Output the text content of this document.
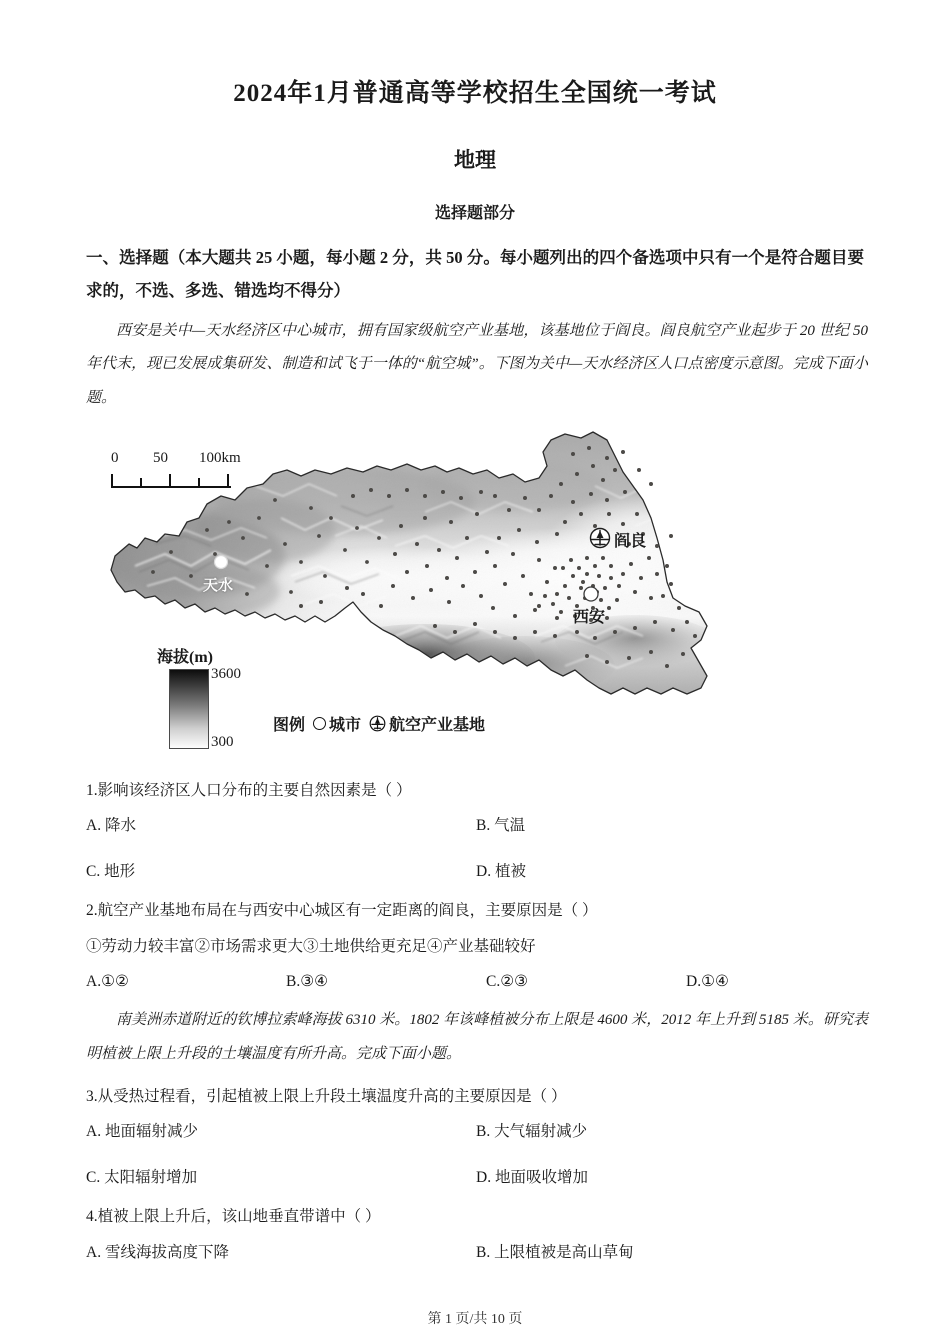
2024年1月普通高等学校招生全国统一考试
地理
选择题部分

一、选择题（本大题共 25 小题，每小题 2 分，共 50 分。每小题列出的四个备选项中只有一个是符合题目要求的，不选、多选、错选均不得分）

西安是关中—天水经济区中心城市，拥有国家级航空产业基地，该基地位于阎良。阎良航空产业起步于 20 世纪 50 年代末，现已发展成集研发、制造和试飞于一体的“航空城”。下图为关中—天水经济区人口点密度示意图。完成下面小题。

0 50 100km
天水
阎良
西安
海拔(m)
3600
300
图例 城市 航空产业基地

1.影响该经济区人口分布的主要自然因素是（ ）

A. 降水	B. 气温
C. 地形	D. 植被

2.航空产业基地布局在与西安中心城区有一定距离的阎良，主要原因是（ ）

①劳动力较丰富②市场需求更大③土地供给更充足④产业基础较好

A.①②	B.③④	C.②③	D.①④

南美洲赤道附近的钦博拉索峰海拔 6310 米。1802 年该峰植被分布上限是 4600 米，2012 年上升到 5185 米。研究表明植被上限上升段的土壤温度有所升高。完成下面小题。

3.从受热过程看，引起植被上限上升段土壤温度升高的主要原因是（ ）

A. 地面辐射减少	B. 大气辐射减少
C. 太阳辐射增加	D. 地面吸收增加

4.植被上限上升后，该山地垂直带谱中（ ）

A. 雪线海拔高度下降	B. 上限植被是高山草甸
第 1 页/共 10 页
